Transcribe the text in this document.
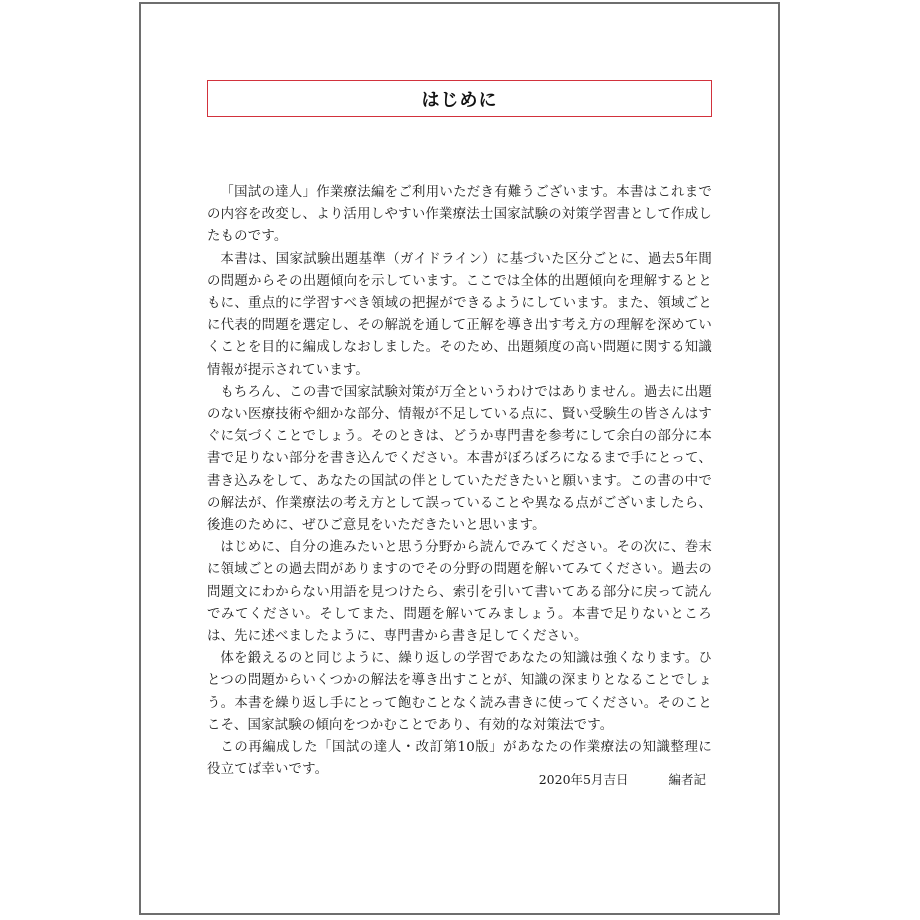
はじめに

「国試の達人」作業療法編をご利用いただき有難うございます。本書はこれまでの内容を改変し、より活用しやすい作業療法士国家試験の対策学習書として作成したものです。

本書は、国家試験出題基準（ガイドライン）に基づいた区分ごとに、過去5年間の問題からその出題傾向を示しています。ここでは全体的出題傾向を理解するとともに、重点的に学習すべき領域の把握ができるようにしています。また、領域ごとに代表的問題を選定し、その解説を通して正解を導き出す考え方の理解を深めていくことを目的に編成しなおしました。そのため、出題頻度の高い問題に関する知識情報が提示されています。

もちろん、この書で国家試験対策が万全というわけではありません。過去に出題のない医療技術や細かな部分、情報が不足している点に、賢い受験生の皆さんはすぐに気づくことでしょう。そのときは、どうか専門書を参考にして余白の部分に本書で足りない部分を書き込んでください。本書がぼろぼろになるまで手にとって、書き込みをして、あなたの国試の伴としていただきたいと願います。この書の中での解法が、作業療法の考え方として誤っていることや異なる点がございましたら、後進のために、ぜひご意見をいただきたいと思います。

はじめに、自分の進みたいと思う分野から読んでみてください。その次に、巻末に領域ごとの過去問がありますのでその分野の問題を解いてみてください。過去の問題文にわからない用語を見つけたら、索引を引いて書いてある部分に戻って読んでみてください。そしてまた、問題を解いてみましょう。本書で足りないところは、先に述べましたように、専門書から書き足してください。

体を鍛えるのと同じように、繰り返しの学習であなたの知識は強くなります。ひとつの問題からいくつかの解法を導き出すことが、知識の深まりとなることでしょう。本書を繰り返し手にとって飽むことなく読み書きに使ってください。そのことこそ、国家試験の傾向をつかむことであり、有効的な対策法です。

この再編成した「国試の達人・改訂第10版」があなたの作業療法の知識整理に役立てば幸いです。

2020年5月吉日	編者記
